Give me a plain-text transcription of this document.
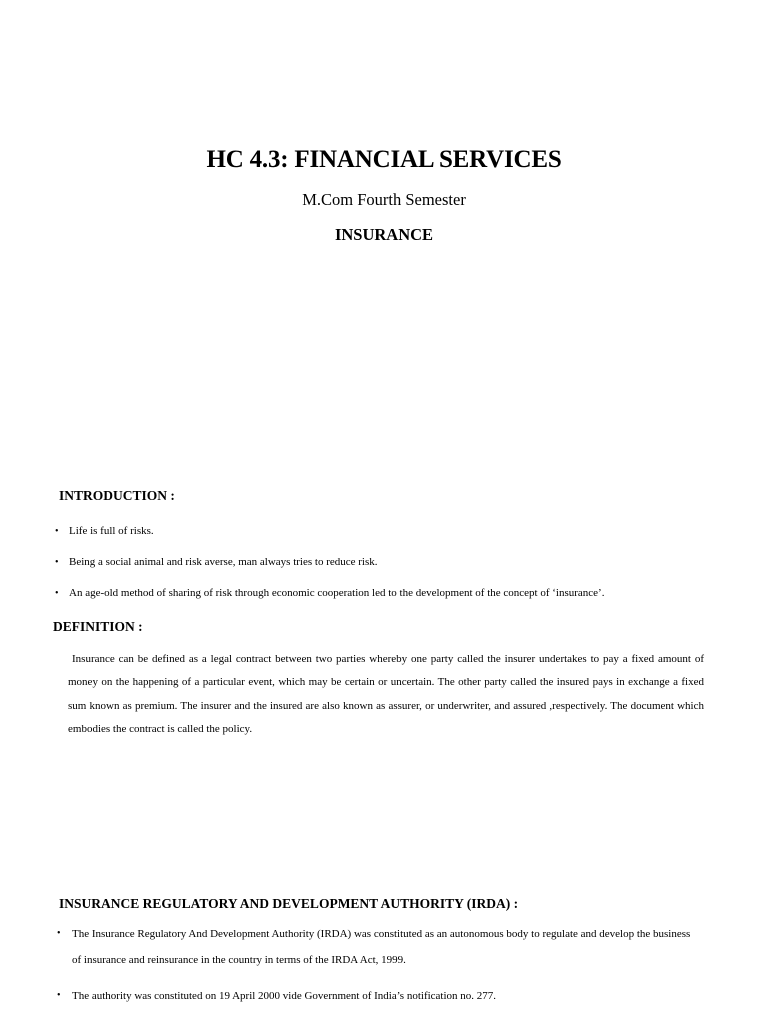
HC 4.3: FINANCIAL SERVICES
M.Com Fourth Semester
INSURANCE
INTRODUCTION :
• Life is full of risks.
• Being a social animal and risk averse, man always tries to reduce risk.
• An age-old method of sharing of risk through economic cooperation led to the development of the concept of ‘insurance’.
DEFINITION :
Insurance can be defined as a legal contract between two parties whereby one party called the insurer undertakes to pay a fixed amount of money on the happening of a particular event, which may be certain or uncertain. The other party called the insured pays in exchange a fixed sum known as premium. The insurer and the insured are also known as assurer, or underwriter, and assured ,respectively. The document which embodies the contract is called the policy.
INSURANCE REGULATORY AND DEVELOPMENT AUTHORITY (IRDA) :
•	The Insurance Regulatory And Development Authority (IRDA) was constituted as an autonomous body to regulate and develop the business of insurance and reinsurance in the country in terms of the IRDA Act, 1999.
•	The authority was constituted on 19 April 2000 vide Government of India’s notification no. 277.
